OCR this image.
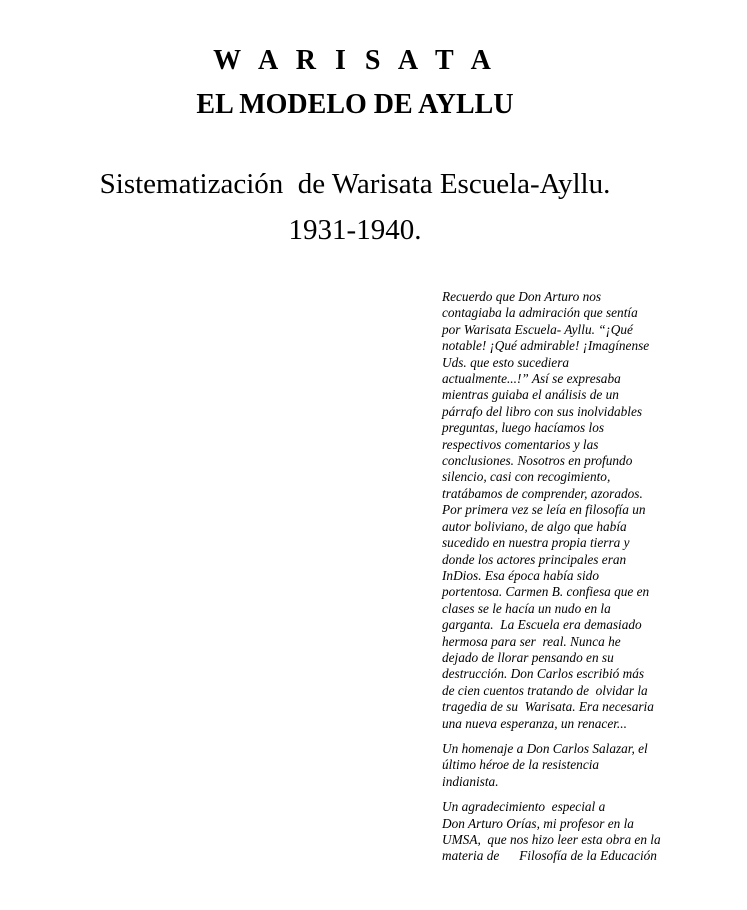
W A R I S A T A
EL MODELO DE AYLLU
Sistematización  de Warisata Escuela-Ayllu.
1931-1940.
Recuerdo que Don Arturo nos
contagiaba la admiración que sentía
por Warisata Escuela- Ayllu. “¡Qué
notable! ¡Qué admirable! ¡Imagínense
Uds. que esto sucediera
actualmente...!” Así se expresaba
mientras guiaba el análisis de un
párrafo del libro con sus inolvidables
preguntas, luego hacíamos los
respectivos comentarios y las
conclusiones. Nosotros en profundo
silencio, casi con recogimiento,
tratábamos de comprender, azorados.
Por primera vez se leía en filosofía un
autor boliviano, de algo que había
sucedido en nuestra propia tierra y
donde los actores principales eran
InDios. Esa época había sido
portentosa. Carmen B. confiesa que en
clases se le hacía un nudo en la
garganta.  La Escuela era demasiado
hermosa para ser  real. Nunca he
dejado de llorar pensando en su
destrucción. Don Carlos escribió más
de cien cuentos tratando de  olvidar la
tragedia de su  Warisata. Era necesaria
una nueva esperanza, un renacer...
Un homenaje a Don Carlos Salazar, el
último héroe de la resistencia
indianista.
Un agradecimiento  especial a
Don Arturo Orías, mi profesor en la
UMSA,  que nos hizo leer esta obra en la
materia de      Filosofía de la Educación
